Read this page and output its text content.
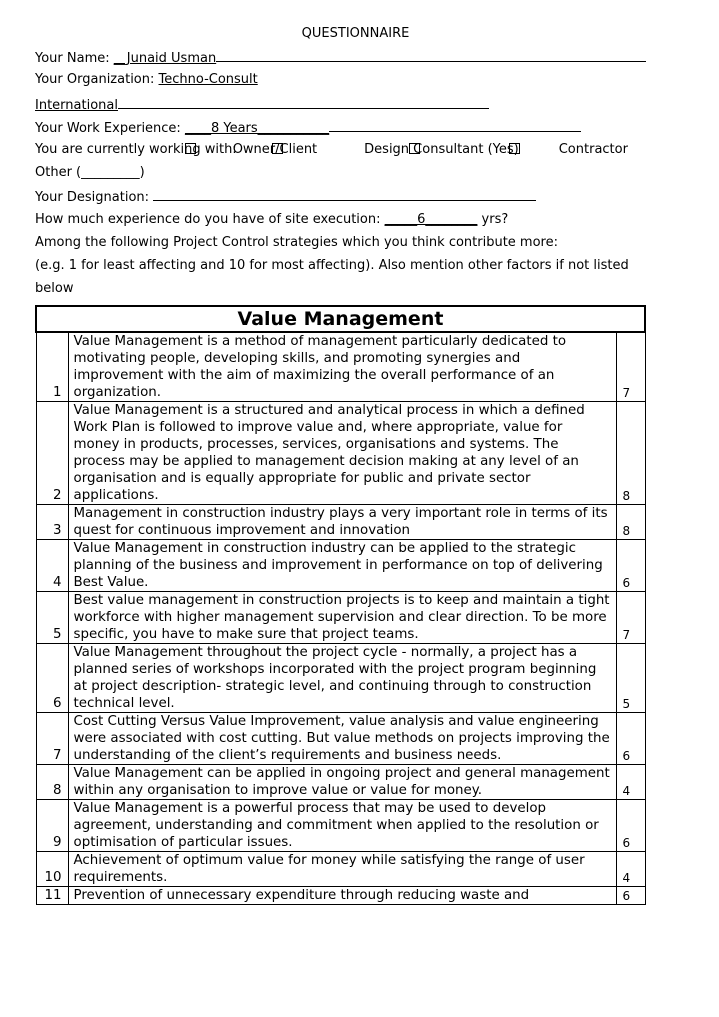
QUESTIONNAIRE
Your Name: __Junaid Usman
Your Organization: Techno-Consult
International
Your Work Experience: ____8 Years___________
You are currently working with:Owner/Client	Design Consultant (Yes)	Contractor
Other (_________)
Your Designation:
How much experience do you have of site execution: _____6________ yrs?
Among the following Project Control strategies which you think contribute more:
(e.g. 1 for least affecting and 10 for most affecting). Also mention other factors if not listed
below
Value Management		
1	Value Management is a method of management particularly dedicated to motivating people, developing skills, and promoting synergies and improvement with the aim of maximizing the overall performance of an organization.	7
2	Value Management is a structured and analytical process in which a defined Work Plan is followed to improve value and, where appropriate, value for money in products, processes, services, organisations and systems. The process may be applied to management decision making at any level of an organisation and is equally appropriate for public and private sector applications.	8
3	Management in construction industry plays a very important role in terms of its quest for continuous improvement and innovation	8
4	Value Management in construction industry can be applied to the strategic planning of the business and improvement in performance on top of delivering Best Value.	6
5	Best value management in construction projects is to keep and maintain a tight workforce with higher management supervision and clear direction. To be more specific, you have to make sure that project teams.	7
6	Value Management throughout the project cycle - normally, a project has a planned series of workshops incorporated with the project program beginning at project description- strategic level, and continuing through to construction technical level.	5
7	Cost Cutting Versus Value Improvement, value analysis and value engineering were associated with cost cutting. But value methods on projects improving the understanding of the client’s requirements and business needs.	6
8	Value Management can be applied in ongoing project and general management within any organisation to improve value or value for money.	4
9	Value Management is a powerful process that may be used to develop agreement, understanding and commitment when applied to the resolution or optimisation of particular issues.	6
10	Achievement of optimum value for money while satisfying the range of user requirements.	4
11	Prevention of unnecessary expenditure through reducing waste and	6
